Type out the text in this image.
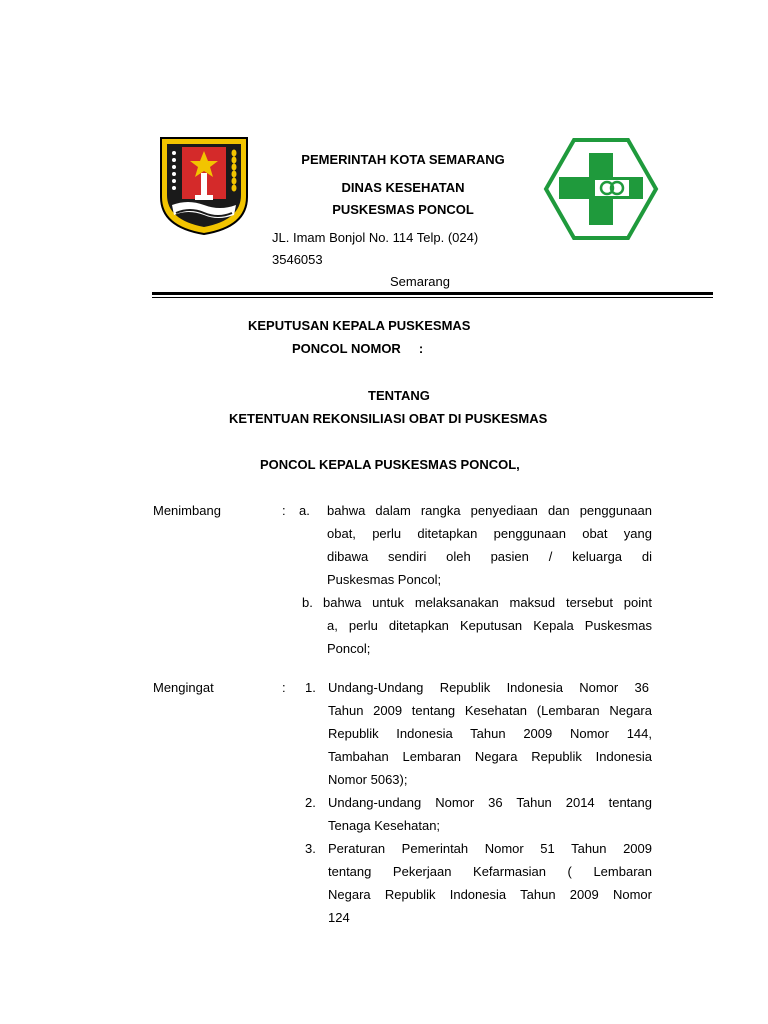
PEMERINTAH KOTA SEMARANG
DINAS KESEHATAN
PUSKESMAS PONCOL
JL. Imam Bonjol No. 114 Telp. (024)
3546053
Semarang
KEPUTUSAN KEPALA PUSKESMAS
PONCOL NOMOR     :
TENTANG
KETENTUAN REKONSILIASI OBAT DI PUSKESMAS
PONCOL KEPALA PUSKESMAS PONCOL,
Menimbang	: a. bahwa dalam rangka penyediaan dan penggunaan
obat, perlu ditetapkan penggunaan obat yang
dibawa sendiri oleh pasien / keluarga di
Puskesmas Poncol;
b. bahwa untuk melaksanakan maksud tersebut point
a, perlu ditetapkan Keputusan Kepala Puskesmas
Poncol;
Mengingat	: 1. Undang-Undang Republik Indonesia Nomor 36
Tahun 2009 tentang Kesehatan (Lembaran Negara
Republik Indonesia Tahun 2009 Nomor 144,
Tambahan Lembaran Negara Republik Indonesia
Nomor 5063);
2. Undang-undang Nomor 36 Tahun 2014 tentang
Tenaga Kesehatan;
3. Peraturan Pemerintah Nomor 51 Tahun 2009
tentang Pekerjaan Kefarmasian ( Lembaran
Negara Republik Indonesia Tahun 2009 Nomor
124
